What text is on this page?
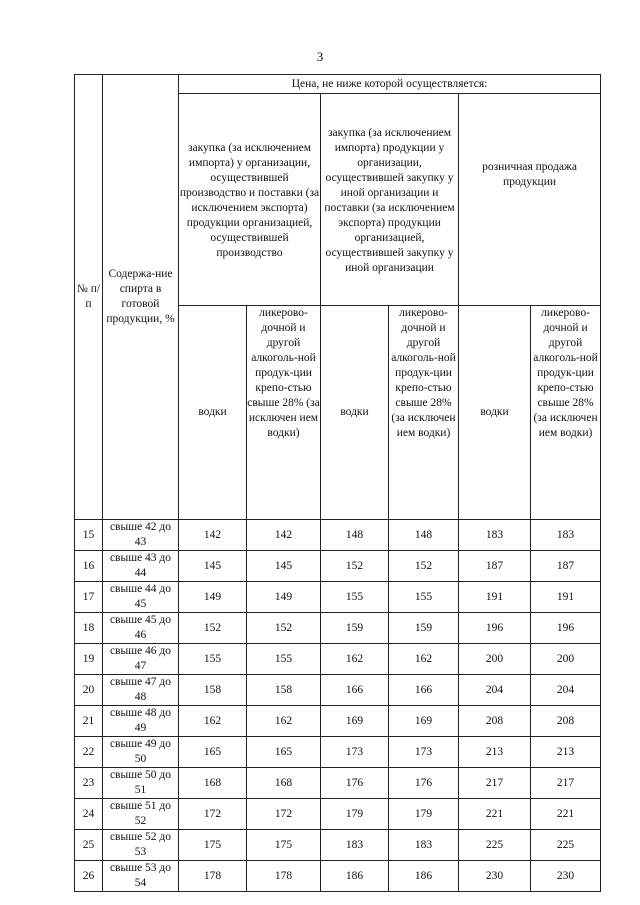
3
№ п/ п	Содержа-ние спирта в готовой продукции, %	Цена, не ниже которой осуществляется:					

		закупка (за исключением импорта) у организации, осуществившей производство и поставки (за исключением экспорта) продукции организацией, осуществившей производство		закупка (за исключением импорта) продукции у организации, осуществившей закупку у иной организации и поставки (за исключением экспорта) продукции организацией, осуществившей закупку у иной организации		розничная продажа продукции	

		водки	ликерово-дочной и другой алкоголь-ной продук-ции крепо-стью свыше 28% (за исключен ием водки)	водки	ликерово-дочной и другой алкоголь-ной продук-ции крепо-стью свыше 28% (за исключен ием водки)	водки	ликерово-дочной и другой алкоголь-ной продук-ции крепо-стью свыше 28% (за исключен ием водки)
15	свыше 42 до 43	142	142	148	148	183	183
16	свыше 43 до 44	145	145	152	152	187	187
17	свыше 44 до 45	149	149	155	155	191	191
18	свыше 45 до 46	152	152	159	159	196	196
19	свыше 46 до 47	155	155	162	162	200	200
20	свыше 47 до 48	158	158	166	166	204	204
21	свыше 48 до 49	162	162	169	169	208	208
22	свыше 49 до 50	165	165	173	173	213	213
23	свыше 50 до 51	168	168	176	176	217	217
24	свыше 51 до 52	172	172	179	179	221	221
25	свыше 52 до 53	175	175	183	183	225	225
26	свыше 53 до 54	178	178	186	186	230	230
